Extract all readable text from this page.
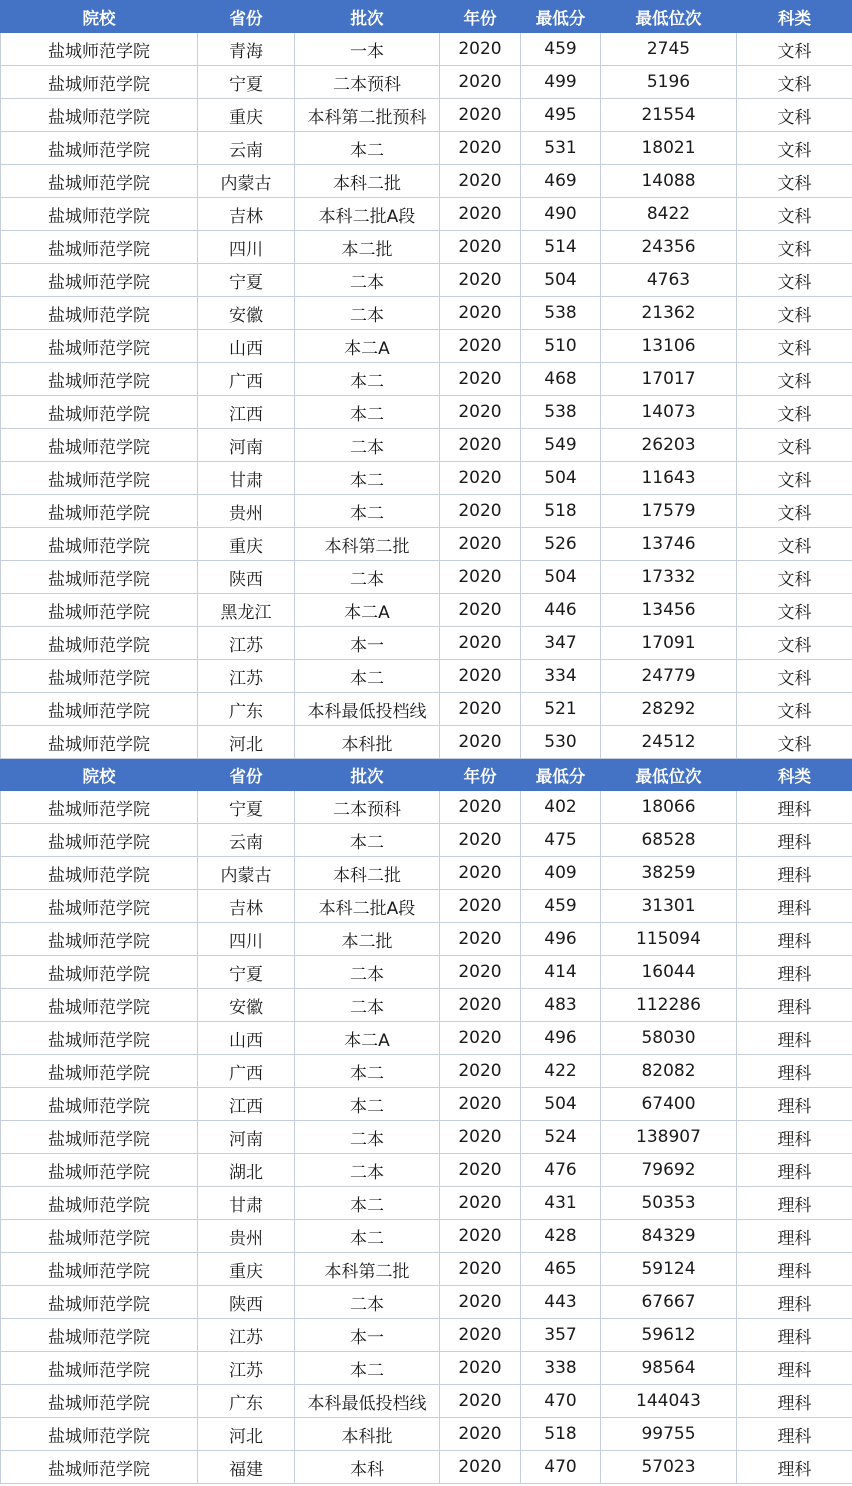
院校	省份	批次	年份	最低分	最低位次	科类
盐城师范学院	青海	一本	2020	459	2745	文科
盐城师范学院	宁夏	二本预科	2020	499	5196	文科
盐城师范学院	重庆	本科第二批预科	2020	495	21554	文科
盐城师范学院	云南	本二	2020	531	18021	文科
盐城师范学院	内蒙古	本科二批	2020	469	14088	文科
盐城师范学院	吉林	本科二批A段	2020	490	8422	文科
盐城师范学院	四川	本二批	2020	514	24356	文科
盐城师范学院	宁夏	二本	2020	504	4763	文科
盐城师范学院	安徽	二本	2020	538	21362	文科
盐城师范学院	山西	本二A	2020	510	13106	文科
盐城师范学院	广西	本二	2020	468	17017	文科
盐城师范学院	江西	本二	2020	538	14073	文科
盐城师范学院	河南	二本	2020	549	26203	文科
盐城师范学院	甘肃	本二	2020	504	11643	文科
盐城师范学院	贵州	本二	2020	518	17579	文科
盐城师范学院	重庆	本科第二批	2020	526	13746	文科
盐城师范学院	陕西	二本	2020	504	17332	文科
盐城师范学院	黑龙江	本二A	2020	446	13456	文科
盐城师范学院	江苏	本一	2020	347	17091	文科
盐城师范学院	江苏	本二	2020	334	24779	文科
盐城师范学院	广东	本科最低投档线	2020	521	28292	文科
盐城师范学院	河北	本科批	2020	530	24512	文科
院校	省份	批次	年份	最低分	最低位次	科类
盐城师范学院	宁夏	二本预科	2020	402	18066	理科
盐城师范学院	云南	本二	2020	475	68528	理科
盐城师范学院	内蒙古	本科二批	2020	409	38259	理科
盐城师范学院	吉林	本科二批A段	2020	459	31301	理科
盐城师范学院	四川	本二批	2020	496	115094	理科
盐城师范学院	宁夏	二本	2020	414	16044	理科
盐城师范学院	安徽	二本	2020	483	112286	理科
盐城师范学院	山西	本二A	2020	496	58030	理科
盐城师范学院	广西	本二	2020	422	82082	理科
盐城师范学院	江西	本二	2020	504	67400	理科
盐城师范学院	河南	二本	2020	524	138907	理科
盐城师范学院	湖北	二本	2020	476	79692	理科
盐城师范学院	甘肃	本二	2020	431	50353	理科
盐城师范学院	贵州	本二	2020	428	84329	理科
盐城师范学院	重庆	本科第二批	2020	465	59124	理科
盐城师范学院	陕西	二本	2020	443	67667	理科
盐城师范学院	江苏	本一	2020	357	59612	理科
盐城师范学院	江苏	本二	2020	338	98564	理科
盐城师范学院	广东	本科最低投档线	2020	470	144043	理科
盐城师范学院	河北	本科批	2020	518	99755	理科
盐城师范学院	福建	本科	2020	470	57023	理科
